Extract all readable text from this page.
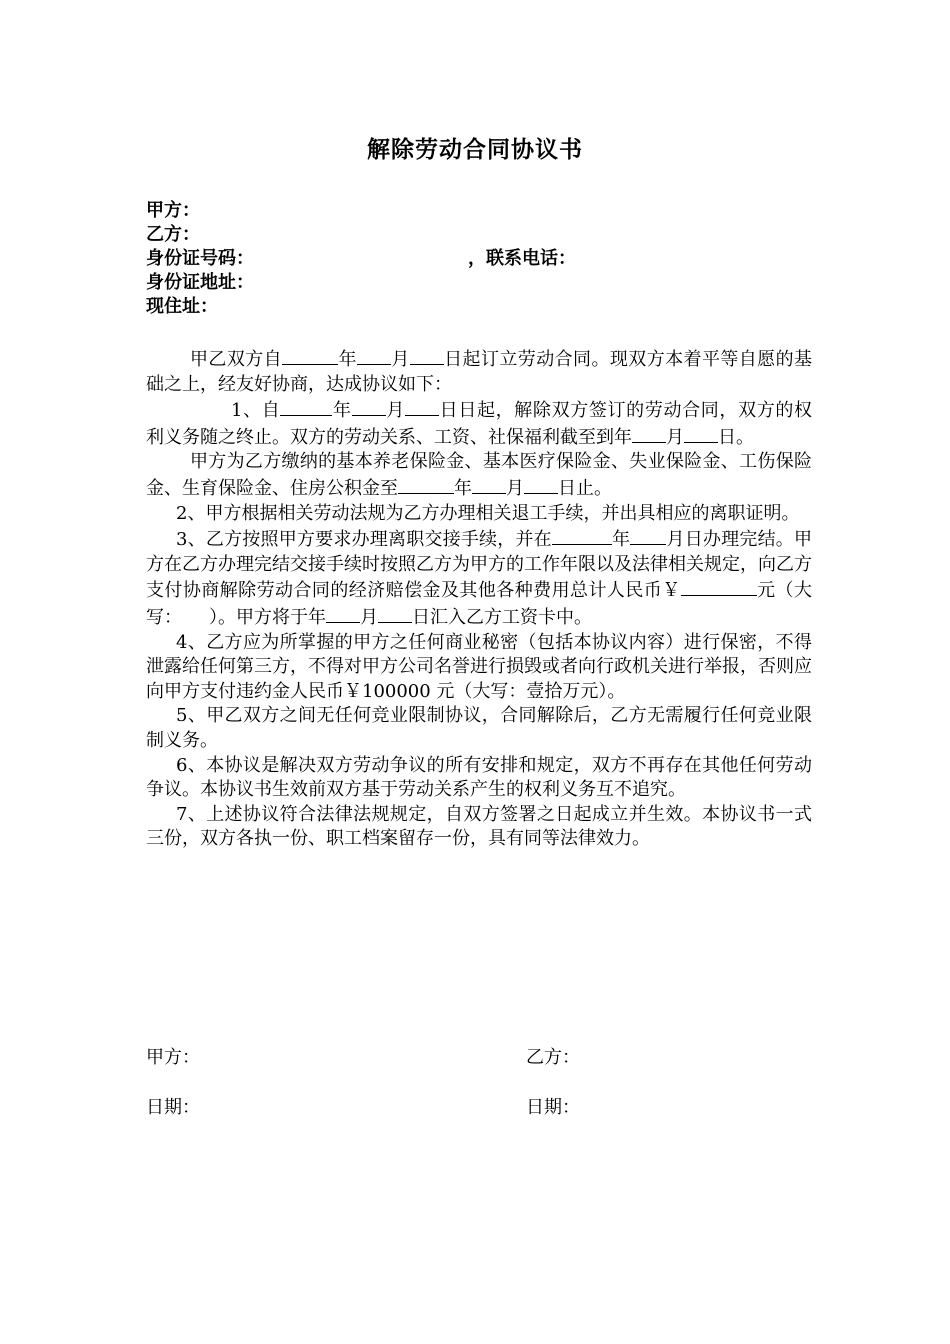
解除劳动合同协议书
甲方：
乙方：
身份证号码：	，联系电话：
身份证地址：
现住址：

甲乙双方自	年 月 日起订立劳动合同。现双方本着平等自愿的基础之上，经友好协商，达成协议如下：

1、自	年 月 日日起，解除双方签订的劳动合同，双方的权利义务随之终止。双方的劳动关系、工资、社保福利截至到年 月 日。

甲方为乙方缴纳的基本养老保险金、基本医疗保险金、失业保险金、工伤保险金、生育保险金、住房公积金至	年 月 日止。

2、甲方根据相关劳动法规为乙方办理相关退工手续，并出具相应的离职证明。

3、乙方按照甲方要求办理离职交接手续，并在	年 月日办理完结。甲方在乙方办理完结交接手续时按照乙方为甲方的工作年限以及法律相关规定，向乙方支付协商解除劳动合同的经济赔偿金及其他各种费用总计人民币￥	元（大写：　　）。甲方将于年 月 日汇入乙方工资卡中。

4、乙方应为所掌握的甲方之任何商业秘密（包括本协议内容）进行保密，不得泄露给任何第三方，不得对甲方公司名誉进行损毁或者向行政机关进行举报，否则应向甲方支付违约金人民币￥100000 元（大写：壹拾万元）。

5、甲乙双方之间无任何竞业限制协议，合同解除后，乙方无需履行任何竞业限制义务。

6、本协议是解决双方劳动争议的所有安排和规定，双方不再存在其他任何劳动争议。本协议书生效前双方基于劳动关系产生的权利义务互不追究。

7、上述协议符合法律法规规定，自双方签署之日起成立并生效。本协议书一式三份，双方各执一份、职工档案留存一份，具有同等法律效力。

甲方：	乙方：
日期：	日期：
